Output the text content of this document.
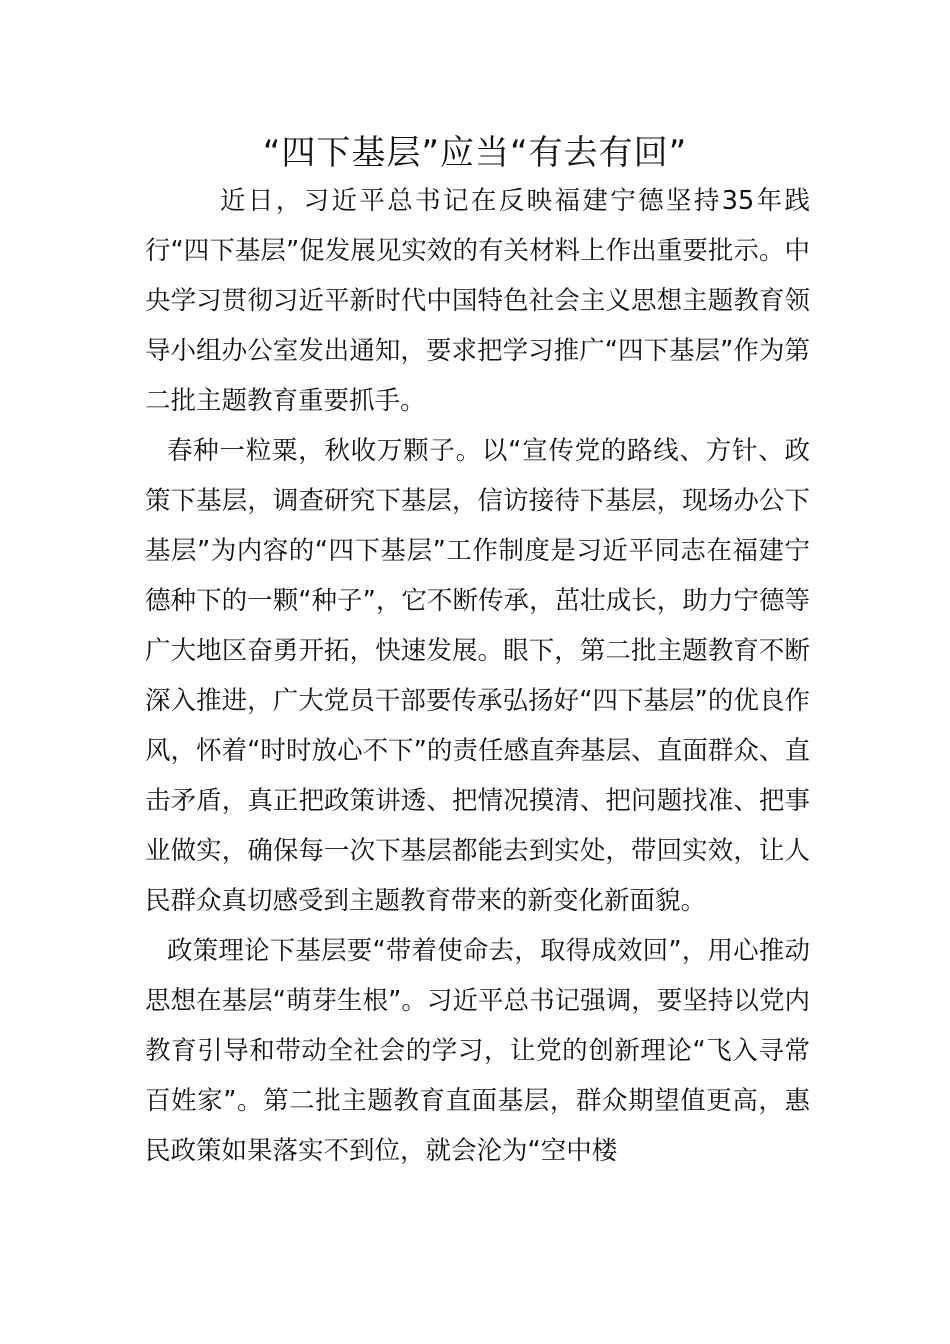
“四下基层”应当“有去有回”

近日，习近平总书记在反映福建宁德坚持35年践行“四下基层”促发展见实效的有关材料上作出重要批示。中央学习贯彻习近平新时代中国特色社会主义思想主题教育领导小组办公室发出通知，要求把学习推广“四下基层”作为第二批主题教育重要抓手。

春种一粒粟，秋收万颗子。以“宣传党的路线、方针、政策下基层，调查研究下基层，信访接待下基层，现场办公下基层”为内容的“四下基层”工作制度是习近平同志在福建宁德种下的一颗“种子”，它不断传承，茁壮成长，助力宁德等广大地区奋勇开拓，快速发展。眼下，第二批主题教育不断深入推进，广大党员干部要传承弘扬好“四下基层”的优良作风，怀着“时时放心不下”的责任感直奔基层、直面群众、直击矛盾，真正把政策讲透、把情况摸清、把问题找准、把事业做实，确保每一次下基层都能去到实处，带回实效，让人民群众真切感受到主题教育带来的新变化新面貌。

政策理论下基层要“带着使命去，取得成效回”，用心推动思想在基层“萌芽生根”。习近平总书记强调，要坚持以党内教育引导和带动全社会的学习，让党的创新理论“飞入寻常百姓家”。第二批主题教育直面基层，群众期望值更高，惠民政策如果落实不到位，就会沦为“空中楼
